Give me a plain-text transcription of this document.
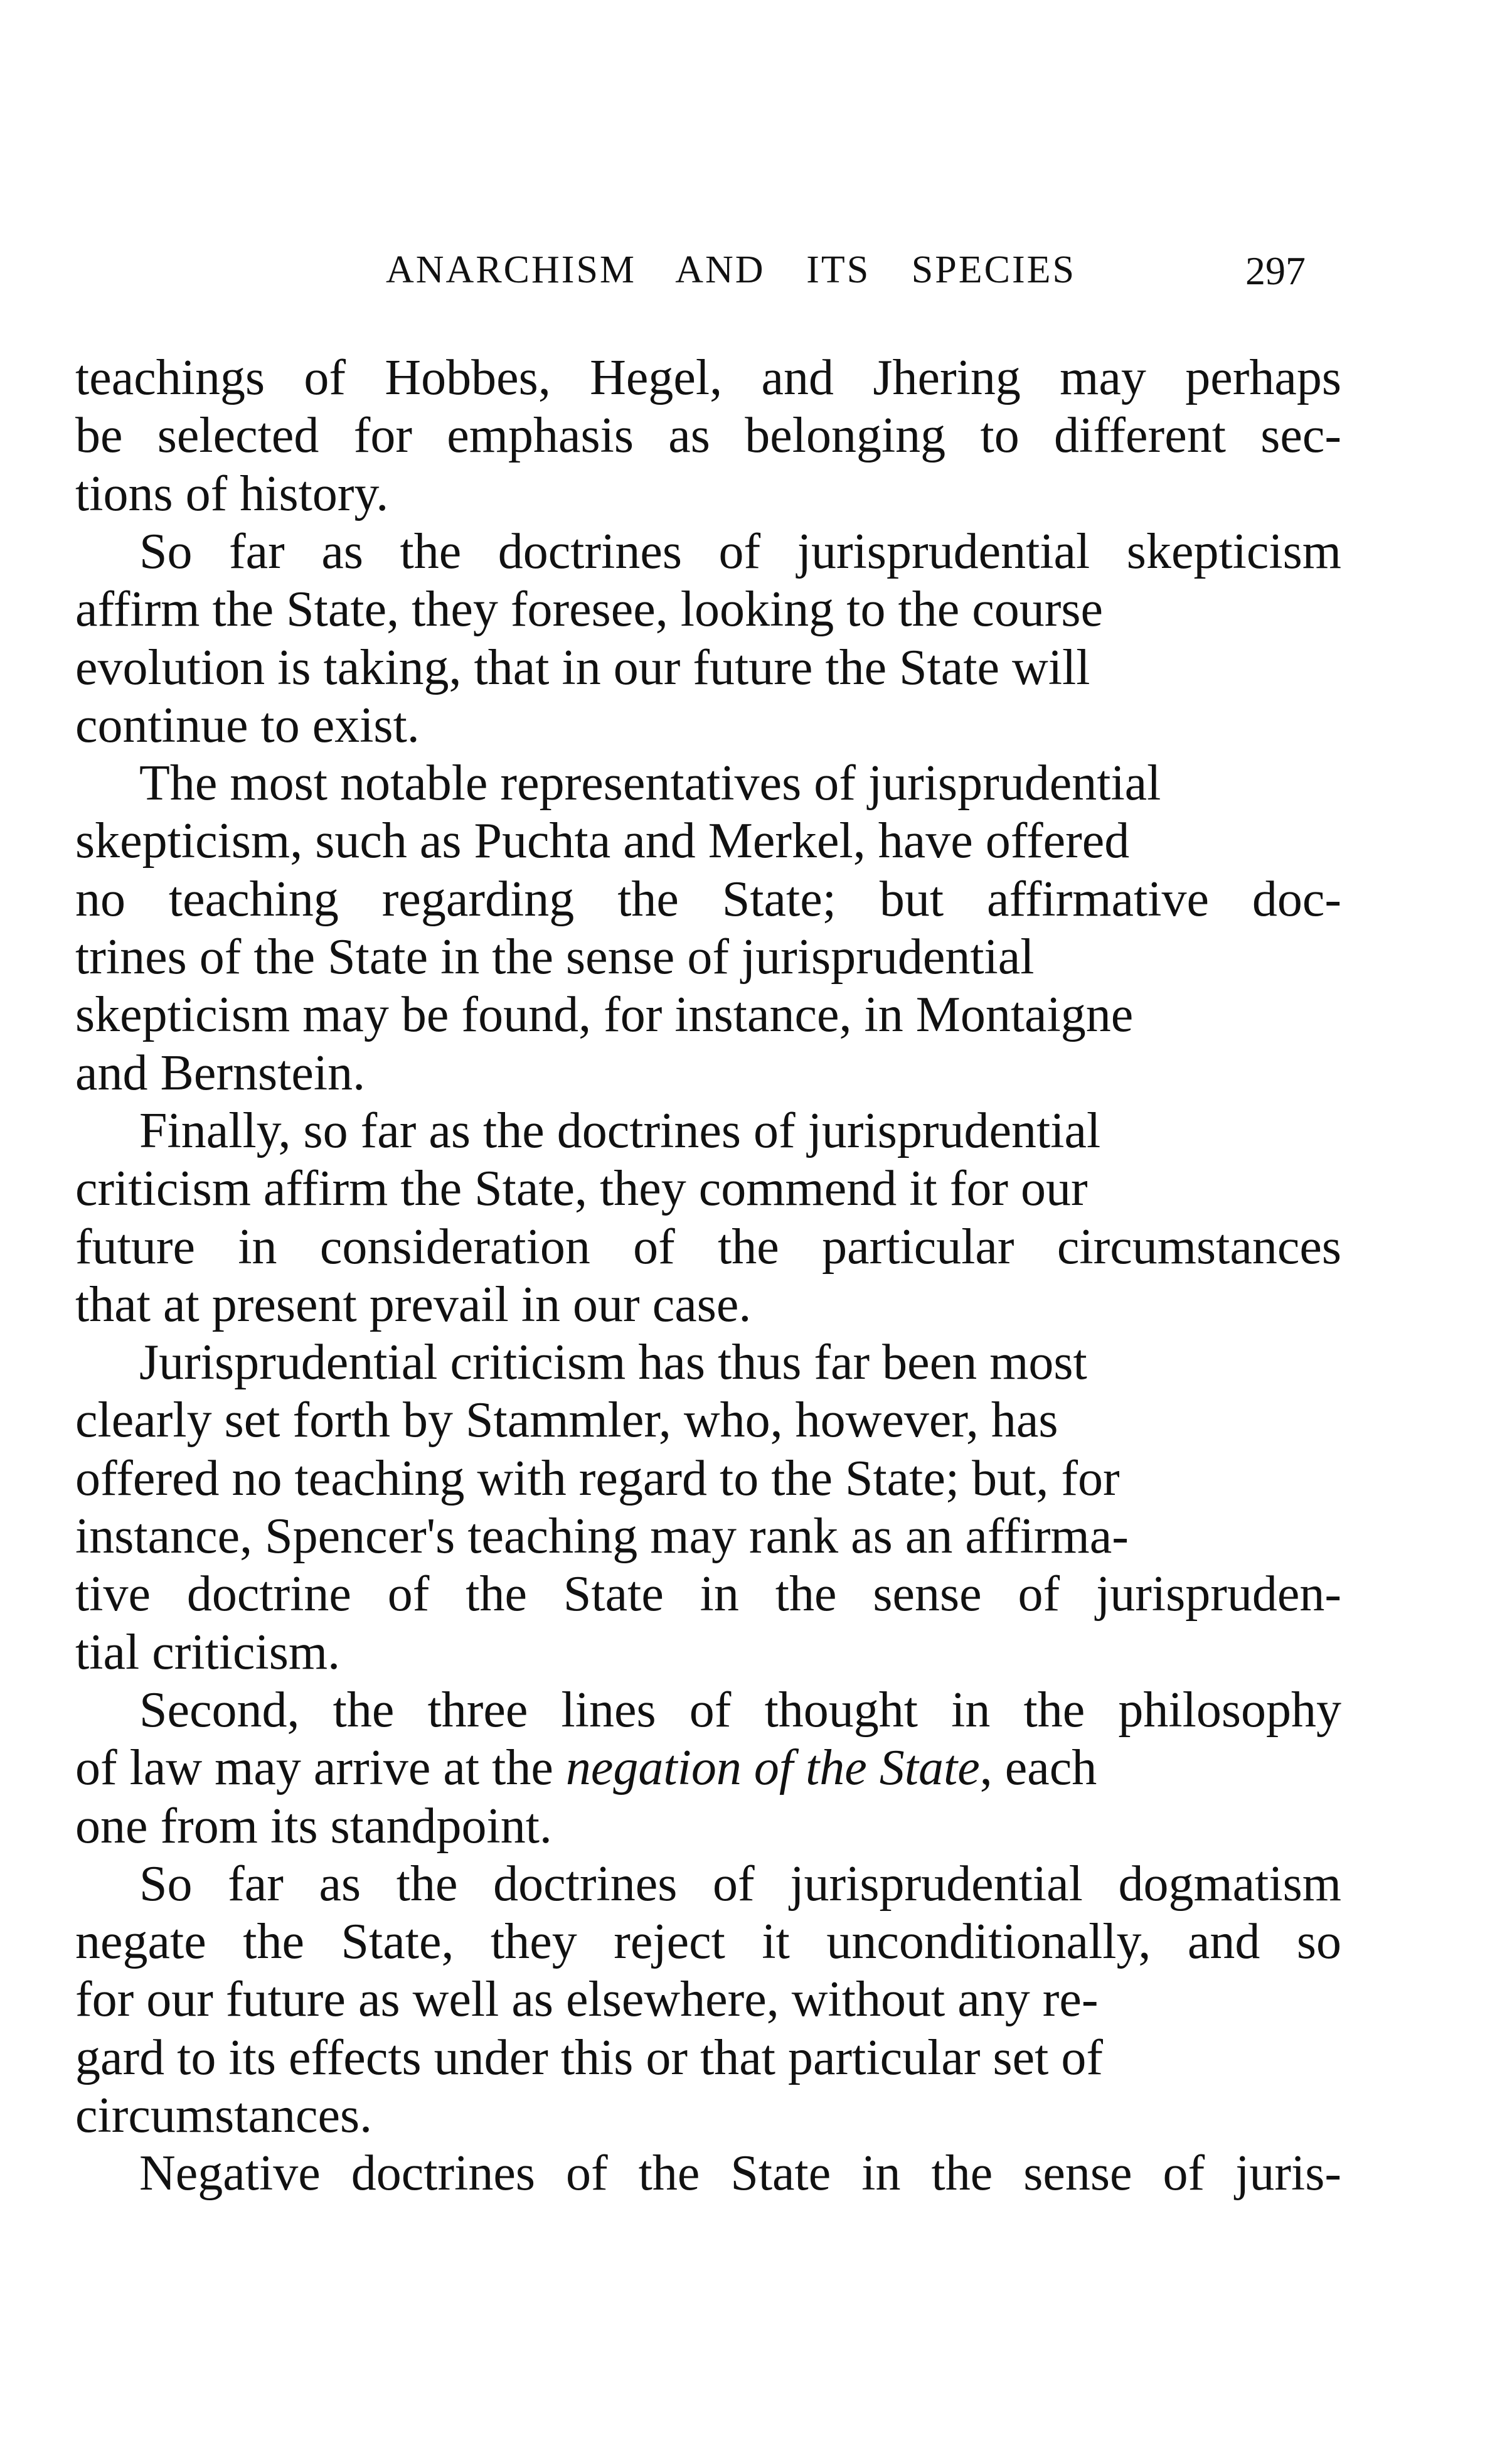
ANARCHISM AND ITS SPECIES	297
teachings of Hobbes, Hegel, and Jhering may perhaps
be selected for emphasis as belonging to different sec-
tions of history.
So far as the doctrines of jurisprudential skepticism
affirm the State, they foresee, looking to the course
evolution is taking, that in our future the State will
continue to exist.
The most notable representatives of jurisprudential
skepticism, such as Puchta and Merkel, have offered
no teaching regarding the State; but affirmative doc-
trines of the State in the sense of jurisprudential
skepticism may be found, for instance, in Montaigne
and Bernstein.
Finally, so far as the doctrines of jurisprudential
criticism affirm the State, they commend it for our
future in consideration of the particular circumstances
that at present prevail in our case.
Jurisprudential criticism has thus far been most
clearly set forth by Stammler, who, however, has
offered no teaching with regard to the State; but, for
instance, Spencer's teaching may rank as an affirma-
tive doctrine of the State in the sense of jurispruden-
tial criticism.
Second, the three lines of thought in the philosophy
of law may arrive at the negation of the State, each
one from its standpoint.
So far as the doctrines of jurisprudential dogmatism
negate the State, they reject it unconditionally, and so
for our future as well as elsewhere, without any re-
gard to its effects under this or that particular set of
circumstances.
Negative doctrines of the State in the sense of juris-
